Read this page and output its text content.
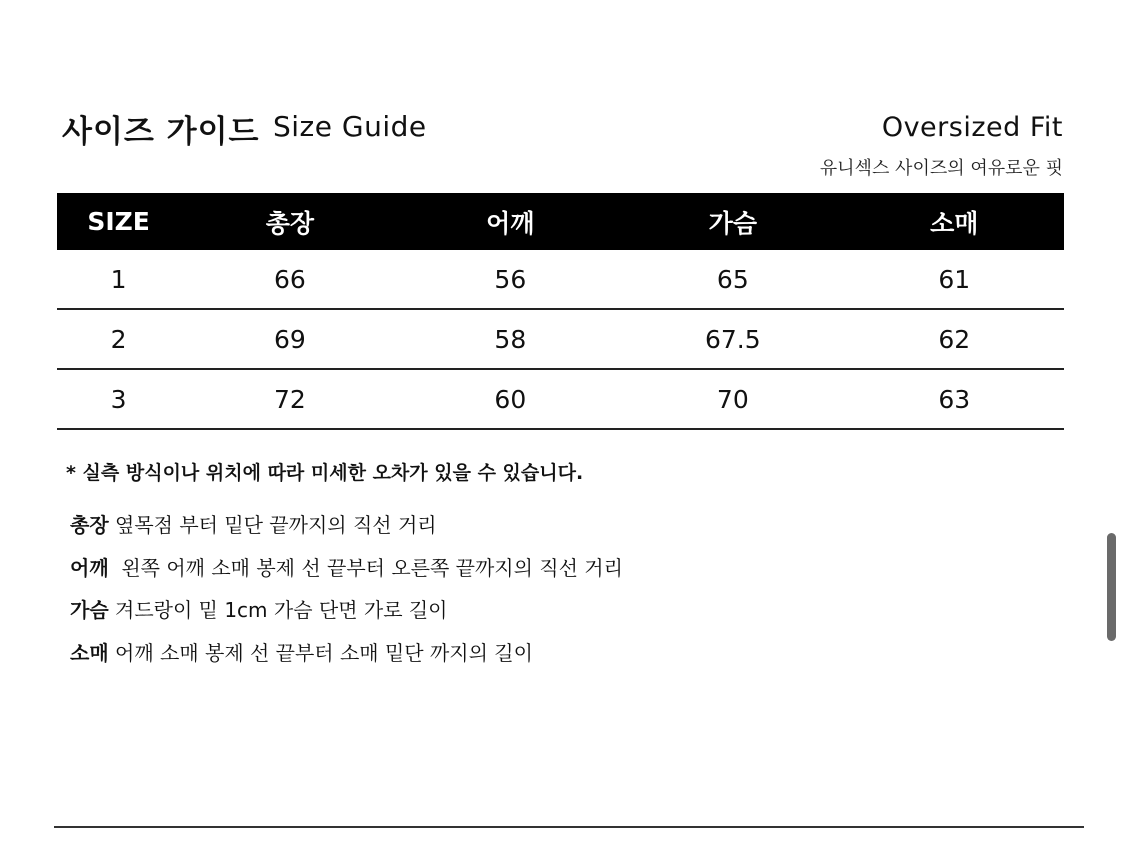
사이즈 가이드 Size Guide	Oversized Fit
유니섹스 사이즈의 여유로운 핏
SIZE	총장	어깨	가슴	소매
1	66	56	65	61
2	69	58	67.5	62
3	72	60	70	63
* 실측 방식이나 위치에 따라 미세한 오차가 있을 수 있습니다.
총장 옆목점 부터 밑단 끝까지의 직선 거리
어깨  왼쪽 어깨 소매 봉제 선 끝부터 오른쪽 끝까지의 직선 거리
가슴 겨드랑이 밑 1cm 가슴 단면 가로 길이
소매 어깨 소매 봉제 선 끝부터 소매 밑단 까지의 길이
